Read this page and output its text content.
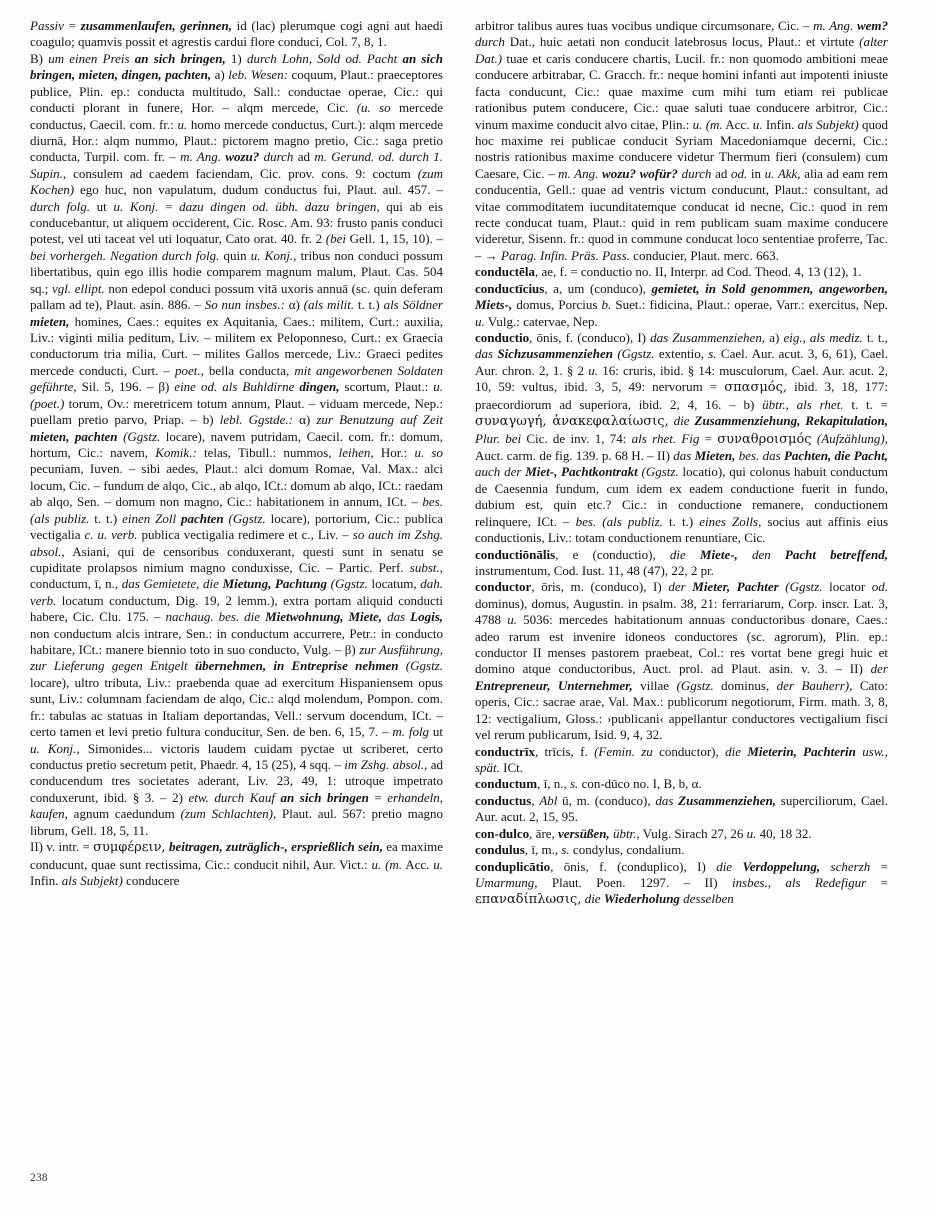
Passiv = zusammenlaufen, gerinnen, id (lac) plerumque cogi agni aut haedi coagulo; quamvis possit et agrestis cardui flore conduci, Col. 7, 8, 1.

B) um einen Preis an sich bringen, 1) durch Lohn, Sold od. Pacht an sich bringen, mieten, dingen, pachten, a) leb. Wesen: coquum, Plaut.: praeceptores publice, Plin. ep.: conducta multitudo, Sall.: conductae operae, Cic.: qui conducti plorant in funere, Hor. – alqm mercede, Cic. (u. so mercede conductus, Caecil. com. fr.: u. homo mercede conductus, Curt.): alqm mercede diurnā, Hor.: alqm nummo, Plaut.: pictorem magno pretio, Cic.: saga pretio conducta, Turpil. com. fr. – m. Ang. wozu? durch ad m. Gerund. od. durch 1. Supin., consulem ad caedem faciendam, Cic. prov. cons. 9: coctum (zum Kochen) ego huc, non vapulatum, dudum conductus fui, Plaut. aul. 457. – durch folg. ut u. Konj. = dazu dingen od. übh. dazu bringen, qui ab eis conducebantur, ut aliquem occiderent, Cic. Rosc. Am. 93: frusto panis conduci potest, vel uti taceat vel uti loquatur, Cato orat. 40. fr. 2 (bei Gell. 1, 15, 10). – bei vorhergeh. Negation durch folg. quin u. Konj., tribus non conduci possum libertatibus, quin ego illis hodie comparem magnum malum, Plaut. Cas. 504 sq.; vgl. ellipt. non edepol conduci possum vitā uxoris annuā (sc. quin deferam pallam ad te), Plaut. asin. 886. – So nun insbes.: α) (als milit. t. t.) als Söldner mieten, homines, Caes.: equites ex Aquitania, Caes.: militem, Curt.: auxilia, Liv.: viginti milia peditum, Liv. – militem ex Peloponneso, Curt.: ex Graecia conductorum tria milia, Curt. – milites Gallos mercede, Liv.: Graeci pedites mercede conducti, Curt. – poet., bella conducta, mit angeworbenen Soldaten geführte, Sil. 5, 196. – β) eine od. als Buhldirne dingen, scortum, Plaut.: u. (poet.) torum, Ov.: meretricem totum annum, Plaut. – viduam mercede, Nep.: puellam pretio parvo, Priap. – b) lebl. Ggstde.: α) zur Benutzung auf Zeit mieten, pachten (Ggstz. locare), navem putridam, Caecil. com. fr.: domum, hortum, Cic.: navem, Komik.: telas, Tibull.: nummos, leihen, Hor.: u. so pecuniam, Iuven. – sibi aedes, Plaut.: alci domum Romae, Val. Max.: alci locum, Cic. – fundum de alqo, Cic., ab alqo, ICt.: domum ab alqo, ICt.: raedam ab alqo, Sen. – domum non magno, Cic.: habitationem in annum, ICt. – bes. (als publiz. t. t.) einen Zoll pachten (Ggstz. locare), portorium, Cic.: publica vectigalia c. u. verb. publica vectigalia redimere et c., Liv. – so auch im Zshg. absol., Asiani, qui de censoribus conduxerant, questi sunt in senatu se cupiditate prolapsos nimium magno conduxisse, Cic. – Partic. Perf. subst., conductum, ī, n., das Gemietete, die Mietung, Pachtung (Ggstz. locatum, dah. verb. locatum conductum, Dig. 19, 2 lemm.), extra portam aliquid conducti habere, Cic. Clu. 175. – nachaug. bes. die Mietwohnung, Miete, das Logis, non conductum alcis intrare, Sen.: in conductum accurrere, Petr.: in conducto habitare, ICt.: manere biennio toto in suo conducto, Vulg. – β) zur Ausführung, zur Lieferung gegen Entgelt übernehmen, in Entreprise nehmen (Ggstz. locare), ultro tributa, Liv.: praebenda quae ad exercitum Hispaniensem opus sunt, Liv.: columnam faciendam de alqo, Cic.: alqd molendum, Pompon. com. fr.: tabulas ac statuas in Italiam deportandas, Vell.: servum docendum, ICt. – certo tamen et levi pretio fultura conducitur, Sen. de ben. 6, 15, 7. – m. folg ut u. Konj., Simonides... victoris laudem cuidam pyctae ut scriberet, certo conductus pretio secretum petit, Phaedr. 4, 15 (25), 4 sqq. – im Zshg. absol., ad conducendum tres societates aderant, Liv. 23, 49, 1: utroque impetrato conduxerunt, ibid. § 3. – 2) etw. durch Kauf an sich bringen = erhandeln, kaufen, agnum caedundum (zum Schlachten), Plaut. aul. 567: pretio magno librum, Gell. 18, 5, 11.

II) v. intr. = συμφέρειν, beitragen, zuträglich-, ersprießlich sein, ea maxime conducunt, quae sunt rectissima, Cic.: conducit nihil, Aur. Vict.: u. (m. Acc. u. Infin. als Subjekt) conducere

arbitror talibus aures tuas vocibus undique circumsonare, Cic. – m. Ang. wem? durch Dat., huic aetati non conducit latebrosus locus, Plaut.: et virtute (alter Dat.) tuae et caris conducere chartis, Lucil. fr.: non quomodo ambitioni meae conducere arbitrabar, C. Gracch. fr.: neque homini infanti aut impotenti iniuste facta conducunt, Cic.: quae maxime cum mihi tum etiam rei publicae rationibus putem conducere, Cic.: quae saluti tuae conducere arbitror, Cic.: vinum maxime conducit alvo citae, Plin.: u. (m. Acc. u. Infin. als Subjekt) quod hoc maxime rei publicae conducit Syriam Macedoniamque decerni, Cic.: nostris rationibus maxime conducere videtur Thermum fieri (consulem) cum Caesare, Cic. – m. Ang. wozu? wofür? durch ad od. in u. Akk, alia ad eam rem conducentia, Gell.: quae ad ventris victum conducunt, Plaut.: consultant, ad vitae commoditatem iucunditatemque conducat id necne, Cic.: quod in rem recte conducat tuam, Plaut.: quid in rem publicam suam maxime conducere videretur, Sisenn. fr.: quod in commune conducat loco sententiae proferre, Tac. – → Parag. Infin. Präs. Pass. conducier, Plaut. merc. 663.

conductēla, ae, f. = conductio no. II, Interpr. ad Cod. Theod. 4, 13 (12), 1.

conductīcius, a, um (conduco), gemietet, in Sold genommen, angeworben, Miets-, domus, Porcius b. Suet.: fidicina, Plaut.: operae, Varr.: exercitus, Nep. u. Vulg.: catervae, Nep.

conductio, ōnis, f. (conduco), I) das Zusammenziehen, a) eig., als mediz. t. t., das Sichzusammenziehen (Ggstz. extentio, s. Cael. Aur. acut. 3, 6, 61), Cael. Aur. chron. 2, 1. § 2 u. 16: cruris, ibid. § 14: musculorum, Cael. Aur. acut. 2, 10, 59: vultus, ibid. 3, 5, 49: nervorum = σπασμός, ibid. 3, 18, 177: praecordiorum ad superiora, ibid. 2, 4, 16. – b) übtr., als rhet. t. t. = συναγωγή, ἀνακεφαλαίωσις, die Zusammenziehung, Rekapitulation, Plur. bei Cic. de inv. 1, 74: als rhet. Fig = συναθροισμός (Aufzählung), Auct. carm. de fig. 139. p. 68 H. – II) das Mieten, bes. das Pachten, die Pacht, auch der Miet-, Pachtkontrakt (Ggstz. locatio), qui colonus habuit conductum de Caesennia fundum, cum idem ex eadem conductione fuerit in fundo, dubium est, quin etc.? Cic.: in conductione remanere, conductionem relinquere, ICt. – bes. (als publiz. t. t.) eines Zolls, socius aut affinis eius conductionis, Liv.: totam conductionem renuntiare, Cic.

conductiōnālis, e (conductio), die Miete-, den Pacht betreffend, instrumentum, Cod. Iust. 11, 48 (47), 22, 2 pr.

conductor, ōris, m. (conduco), I) der Mieter, Pachter (Ggstz. locator od. dominus), domus, Augustin. in psalm. 38, 21: ferrariarum, Corp. inscr. Lat. 3, 4788 u. 5036: mercedes habitationum annuas conductoribus donare, Caes.: adeo rarum est invenire idoneos conductores (sc. agrorum), Plin. ep.: conductor II menses pastorem praebeat, Col.: res vortat bene gregi huic et domino atque conductoribus, Auct. prol. ad Plaut. asin. v. 3. – II) der Entrepreneur, Unternehmer, villae (Ggstz. dominus, der Bauherr), Cato: operis, Cic.: sacrae arae, Val. Max.: publicorum negotiorum, Firm. math. 3, 8, 12: vectigalium, Gloss.: ›publicani‹ appellantur conductores vectigalium fisci vel rerum publicarum, Isid. 9, 4, 32.

conductrīx, trīcis, f. (Femin. zu conductor), die Mieterin, Pachterin usw., spät. ICt.

conductum, ī, n., s. con-dūco no. I, B, b, α.

conductus, Abl ū, m. (conduco), das Zusammenziehen, superciliorum, Cael. Aur. acut. 2, 15, 95.

con-dulco, āre, versüßen, übtr., Vulg. Sirach 27, 26 u. 40, 18 32.

condulus, ī, m., s. condylus, condalium.

conduplicātio, ōnis, f. (conduplico), I) die Verdoppelung, scherzh = Umarmung, Plaut. Poen. 1297. – II) insbes., als Redefigur = επαναδίπλωσις, die Wiederholung desselben

238
